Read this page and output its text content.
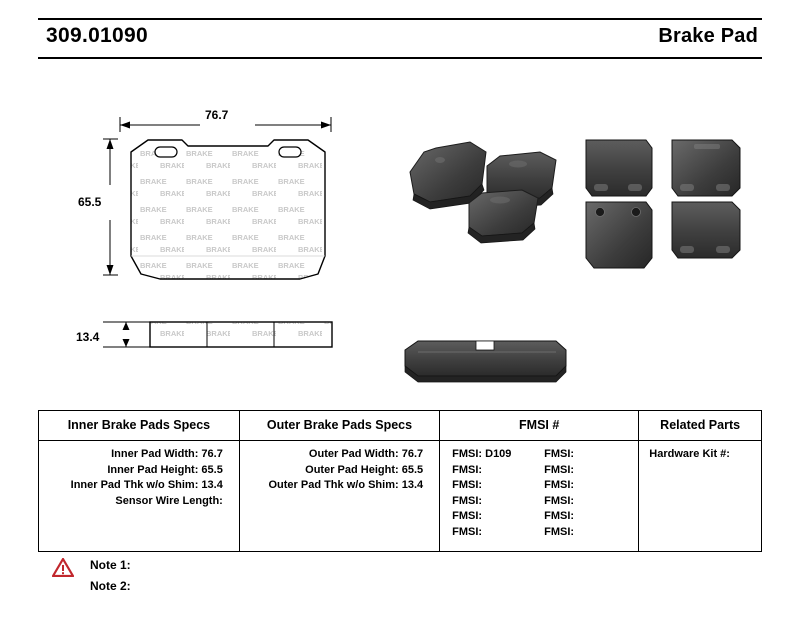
309.01090	Brake Pad
76.7
65.5
13.4
Inner Brake Pads Specs	Outer Brake Pads Specs	FMSI #	Related Parts

Inner Pad Width: 76.7
Inner Pad Height: 65.5
Inner Pad Thk w/o Shim: 13.4
Sensor Wire Length:

Outer Pad Width: 76.7
Outer Pad Height: 65.5
Outer Pad Thk w/o Shim: 13.4

FMSI: D109	FMSI:
FMSI:	FMSI:
FMSI:	FMSI:
FMSI:	FMSI:
FMSI:	FMSI:
FMSI:	FMSI:

Hardware Kit #:
Note 1:
Note 2:
